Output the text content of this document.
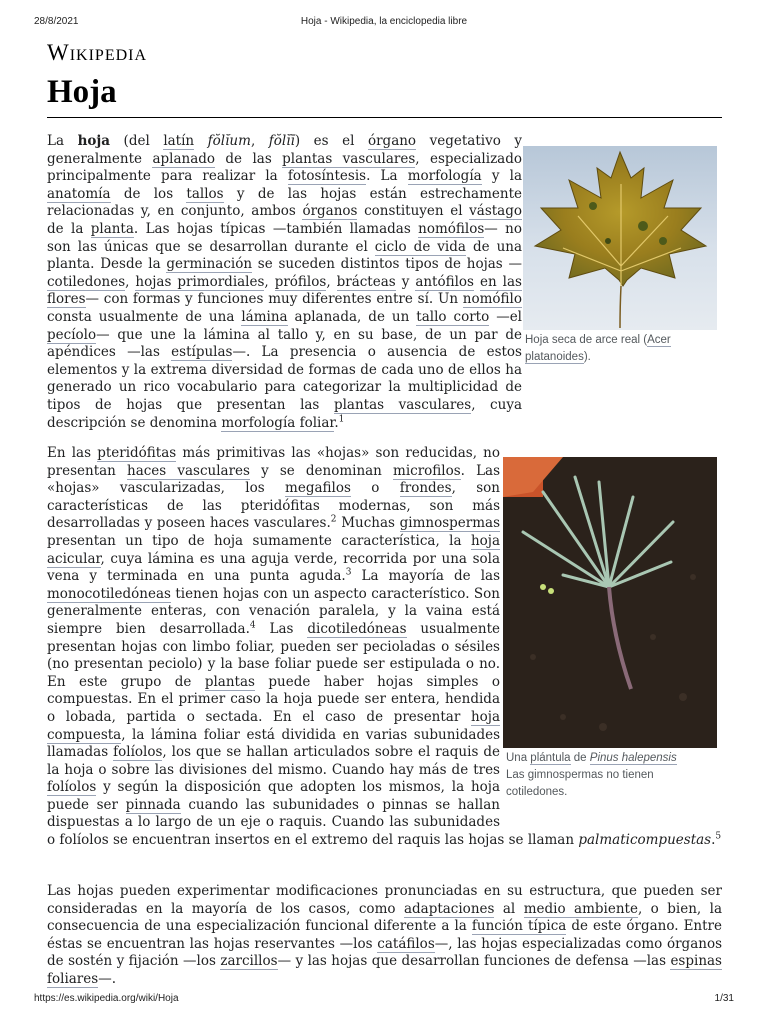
28/8/2021	Hoja - Wikipedia, la enciclopedia libre
Wikipedia
Hoja
Hoja seca de arce real (Acer platanoides).
Una plántula de Pinus halepensis
Las gimnospermas no tienen cotiledones.
La hoja (del latín fŏlĭum, fŏlĭī) es el órgano vegetativo y generalmente aplanado de las plantas vasculares, especializado principalmente para realizar la fotosíntesis. La morfología y la anatomía de los tallos y de las hojas están estrechamente relacionadas y, en conjunto, ambos órganos constituyen el vástago de la planta. Las hojas típicas —también llamadas nomófilos— no son las únicas que se desarrollan durante el ciclo de vida de una planta. Desde la germinación se suceden distintos tipos de hojas —cotiledones, hojas primordiales, prófilos, brácteas y antófilos en las flores— con formas y funciones muy diferentes entre sí. Un nomófilo consta usualmente de una lámina aplanada, de un tallo corto —el pecíolo— que une la lámina al tallo y, en su base, de un par de apéndices —las estípulas—. La presencia o ausencia de estos elementos y la extrema diversidad de formas de cada uno de ellos ha generado un rico vocabulario para categorizar la multiplicidad de tipos de hojas que presentan las plantas vasculares, cuya descripción se denomina morfología foliar.$^1$
En las pteridófitas más primitivas las «hojas» son reducidas, no presentan haces vasculares y se denominan microfilos. Las «hojas» vascularizadas, los megafilos o frondes, son características de las pteridófitas modernas, son más desarrolladas y poseen haces vasculares.$^2$ Muchas gimnospermas presentan un tipo de hoja sumamente característica, la hoja acicular, cuya lámina es una aguja verde, recorrida por una sola vena y terminada en una punta aguda.$^3$ La mayoría de las monocotiledóneas tienen hojas con un aspecto característico. Son generalmente enteras, con venación paralela, y la vaina está siempre bien desarrollada.$^4$ Las dicotiledóneas usualmente presentan hojas con limbo foliar, pueden ser pecioladas o sésiles (no presentan peciolo) y la base foliar puede ser estipulada o no. En este grupo de plantas puede haber hojas simples o compuestas. En el primer caso la hoja puede ser entera, hendida o lobada, partida o sectada. En el caso de presentar hoja compuesta, la lámina foliar está dividida en varias subunidades llamadas folíolos, los que se hallan articulados sobre el raquis de la hoja o sobre las divisiones del mismo. Cuando hay más de tres folíolos y según la disposición que adopten los mismos, la hoja puede ser pinnada cuando las subunidades o pinnas se hallan dispuestas a lo largo de un eje o raquis. Cuando las subunidades o folíolos se encuentran insertos en el extremo del raquis las hojas se llaman palmaticompuestas.$^5$
Las hojas pueden experimentar modificaciones pronunciadas en su estructura, que pueden ser consideradas en la mayoría de los casos, como adaptaciones al medio ambiente, o bien, la consecuencia de una especialización funcional diferente a la función típica de este órgano. Entre éstas se encuentran las hojas reservantes —los catáfilos—, las hojas especializadas como órganos de sostén y fijación —los zarcillos— y las hojas que desarrollan funciones de defensa —las espinas foliares—.
https://es.wikipedia.org/wiki/Hoja	1/31
